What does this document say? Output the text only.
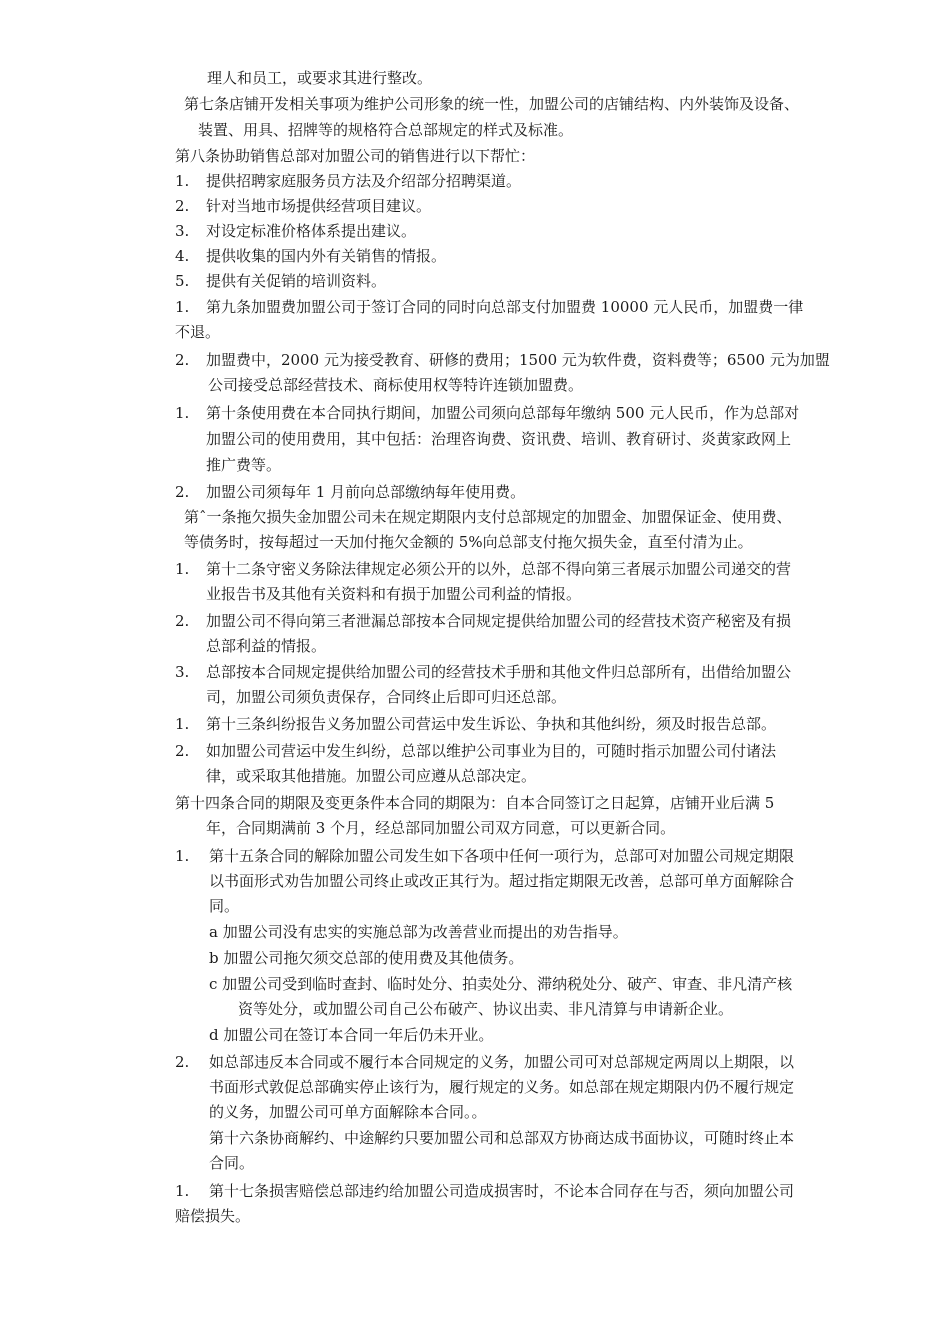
理人和员工，或要求其进行整改。
第七条店铺开发相关事项为维护公司形象的统一性，加盟公司的店铺结构、内外装饰及设备、
装置、用具、招牌等的规格符合总部规定的样式及标准。
第八条协助销售总部对加盟公司的销售进行以下帮忙：
1. 提供招聘家庭服务员方法及介绍部分招聘渠道。
2. 针对当地市场提供经营项目建议。
3. 对设定标准价格体系提出建议。
4. 提供收集的国内外有关销售的情报。
5. 提供有关促销的培训资料。
1. 第九条加盟费加盟公司于签订合同的同时向总部支付加盟费 10000 元人民币，加盟费一律
不退。
2. 加盟费中，2000 元为接受教育、研修的费用；1500 元为软件费，资料费等；6500 元为加盟
公司接受总部经营技术、商标使用权等特许连锁加盟费。
1. 第十条使用费在本合同执行期间，加盟公司须向总部每年缴纳 500 元人民币，作为总部对
加盟公司的使用费用，其中包括：治理咨询费、资讯费、培训、教育研讨、炎黄家政网上
推广费等。
2. 加盟公司须每年 1 月前向总部缴纳每年使用费。
第ˆ一条拖欠损失金加盟公司未在规定期限内支付总部规定的加盟金、加盟保证金、使用费、
等债务时，按每超过一天加付拖欠金额的 5%向总部支付拖欠损失金，直至付清为止。
1. 第十二条守密义务除法律规定必须公开的以外，总部不得向第三者展示加盟公司递交的营
业报告书及其他有关资料和有损于加盟公司利益的情报。
2. 加盟公司不得向第三者泄漏总部按本合同规定提供给加盟公司的经营技术资产秘密及有损
总部利益的情报。
3. 总部按本合同规定提供给加盟公司的经营技术手册和其他文件归总部所有，出借给加盟公
司，加盟公司须负责保存，合同终止后即可归还总部。
1. 第十三条纠纷报告义务加盟公司营运中发生诉讼、争执和其他纠纷，须及时报告总部。
2. 如加盟公司营运中发生纠纷，总部以维护公司事业为目的，可随时指示加盟公司付诸法
律，或采取其他措施。加盟公司应遵从总部决定。
第十四条合同的期限及变更条件本合同的期限为：自本合同签订之日起算，店铺开业后满 5
年，合同期满前 3 个月，经总部同加盟公司双方同意，可以更新合同。
1. 第十五条合同的解除加盟公司发生如下各项中任何一项行为，总部可对加盟公司规定期限
以书面形式劝告加盟公司终止或改正其行为。超过指定期限无改善，总部可单方面解除合
同。
a 加盟公司没有忠实的实施总部为改善营业而提出的劝告指导。
b 加盟公司拖欠须交总部的使用费及其他债务。
c 加盟公司受到临时查封、临时处分、拍卖处分、滞纳税处分、破产、审查、非凡清产核
资等处分，或加盟公司自己公布破产、协议出卖、非凡清算与申请新企业。
d 加盟公司在签订本合同一年后仍未开业。
2. 如总部违反本合同或不履行本合同规定的义务，加盟公司可对总部规定两周以上期限，以
书面形式敦促总部确实停止该行为，履行规定的义务。如总部在规定期限内仍不履行规定
的义务，加盟公司可单方面解除本合同。。
第十六条协商解约、中途解约只要加盟公司和总部双方协商达成书面协议，可随时终止本
合同。
1. 第十七条损害赔偿总部违约给加盟公司造成损害时，不论本合同存在与否，须向加盟公司
赔偿损失。
